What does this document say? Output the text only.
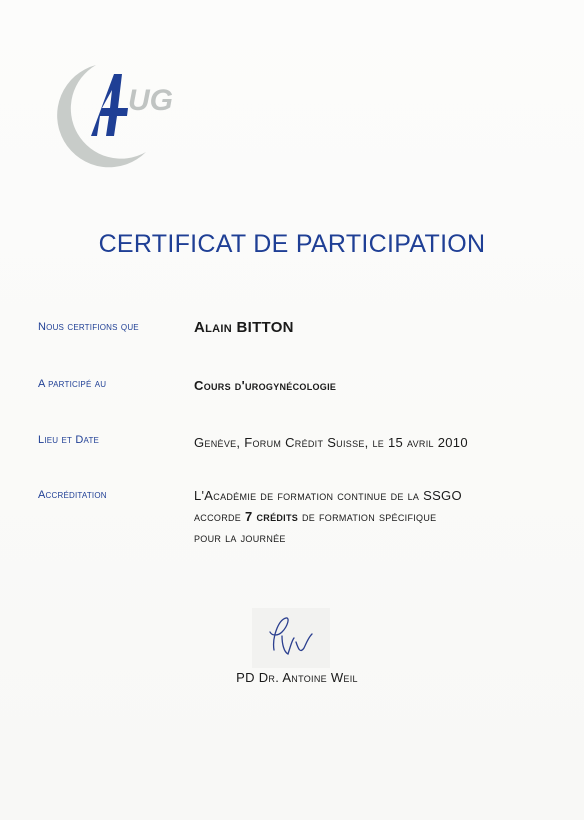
UG
CERTIFICAT DE PARTICIPATION
Nous certifions que	Alain BITTON
A participé au	Cours d'urogynécologie
Lieu et Date	Genève, Forum Crédit Suisse, le 15 avril 2010
Accréditation	L'Académie de formation continue de la SSGO
accorde 7 crédits de formation spécifique
pour la journée
PD Dr. Antoine Weil
